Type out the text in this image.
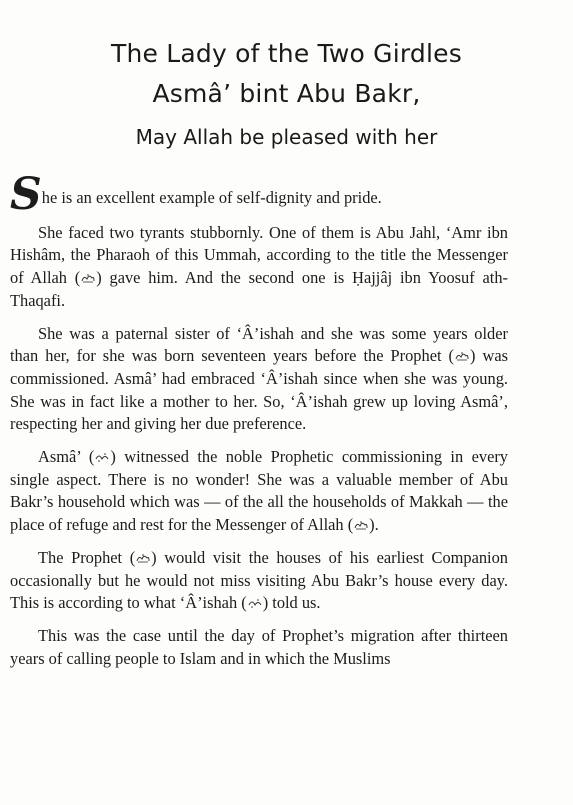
The Lady of the Two Girdles
Asmâ’ bint Abu Bakr,
May Allah be pleased with her

She is an excellent example of self-dignity and pride.

She faced two tyrants stubbornly. One of them is Abu Jahl, ‘Amr ibn Hishâm, the Pharaoh of this Ummah, according to the title the Messenger of Allah ( ) gave him. And the second one is Ḥajjâj ibn Yoosuf ath-Thaqafi.

She was a paternal sister of ‘Â’ishah and she was some years older than her, for she was born seventeen years before the Prophet ( ) was commissioned. Asmâ’ had embraced ‘Â’ishah since when she was young. She was in fact like a mother to her. So, ‘Â’ishah grew up loving Asmâ’, respecting her and giving her due preference.

Asmâ’ ( ) witnessed the noble Prophetic commissioning in every single aspect. There is no wonder! She was a valuable member of Abu Bakr’s household which was — of the all the households of Makkah — the place of refuge and rest for the Messenger of Allah ( ).

The Prophet ( ) would visit the houses of his earliest Companion occasionally but he would not miss visiting Abu Bakr’s house every day. This is according to what ‘Â’ishah ( ) told us.

This was the case until the day of Prophet’s migration after thirteen years of calling people to Islam and in which the Muslims
